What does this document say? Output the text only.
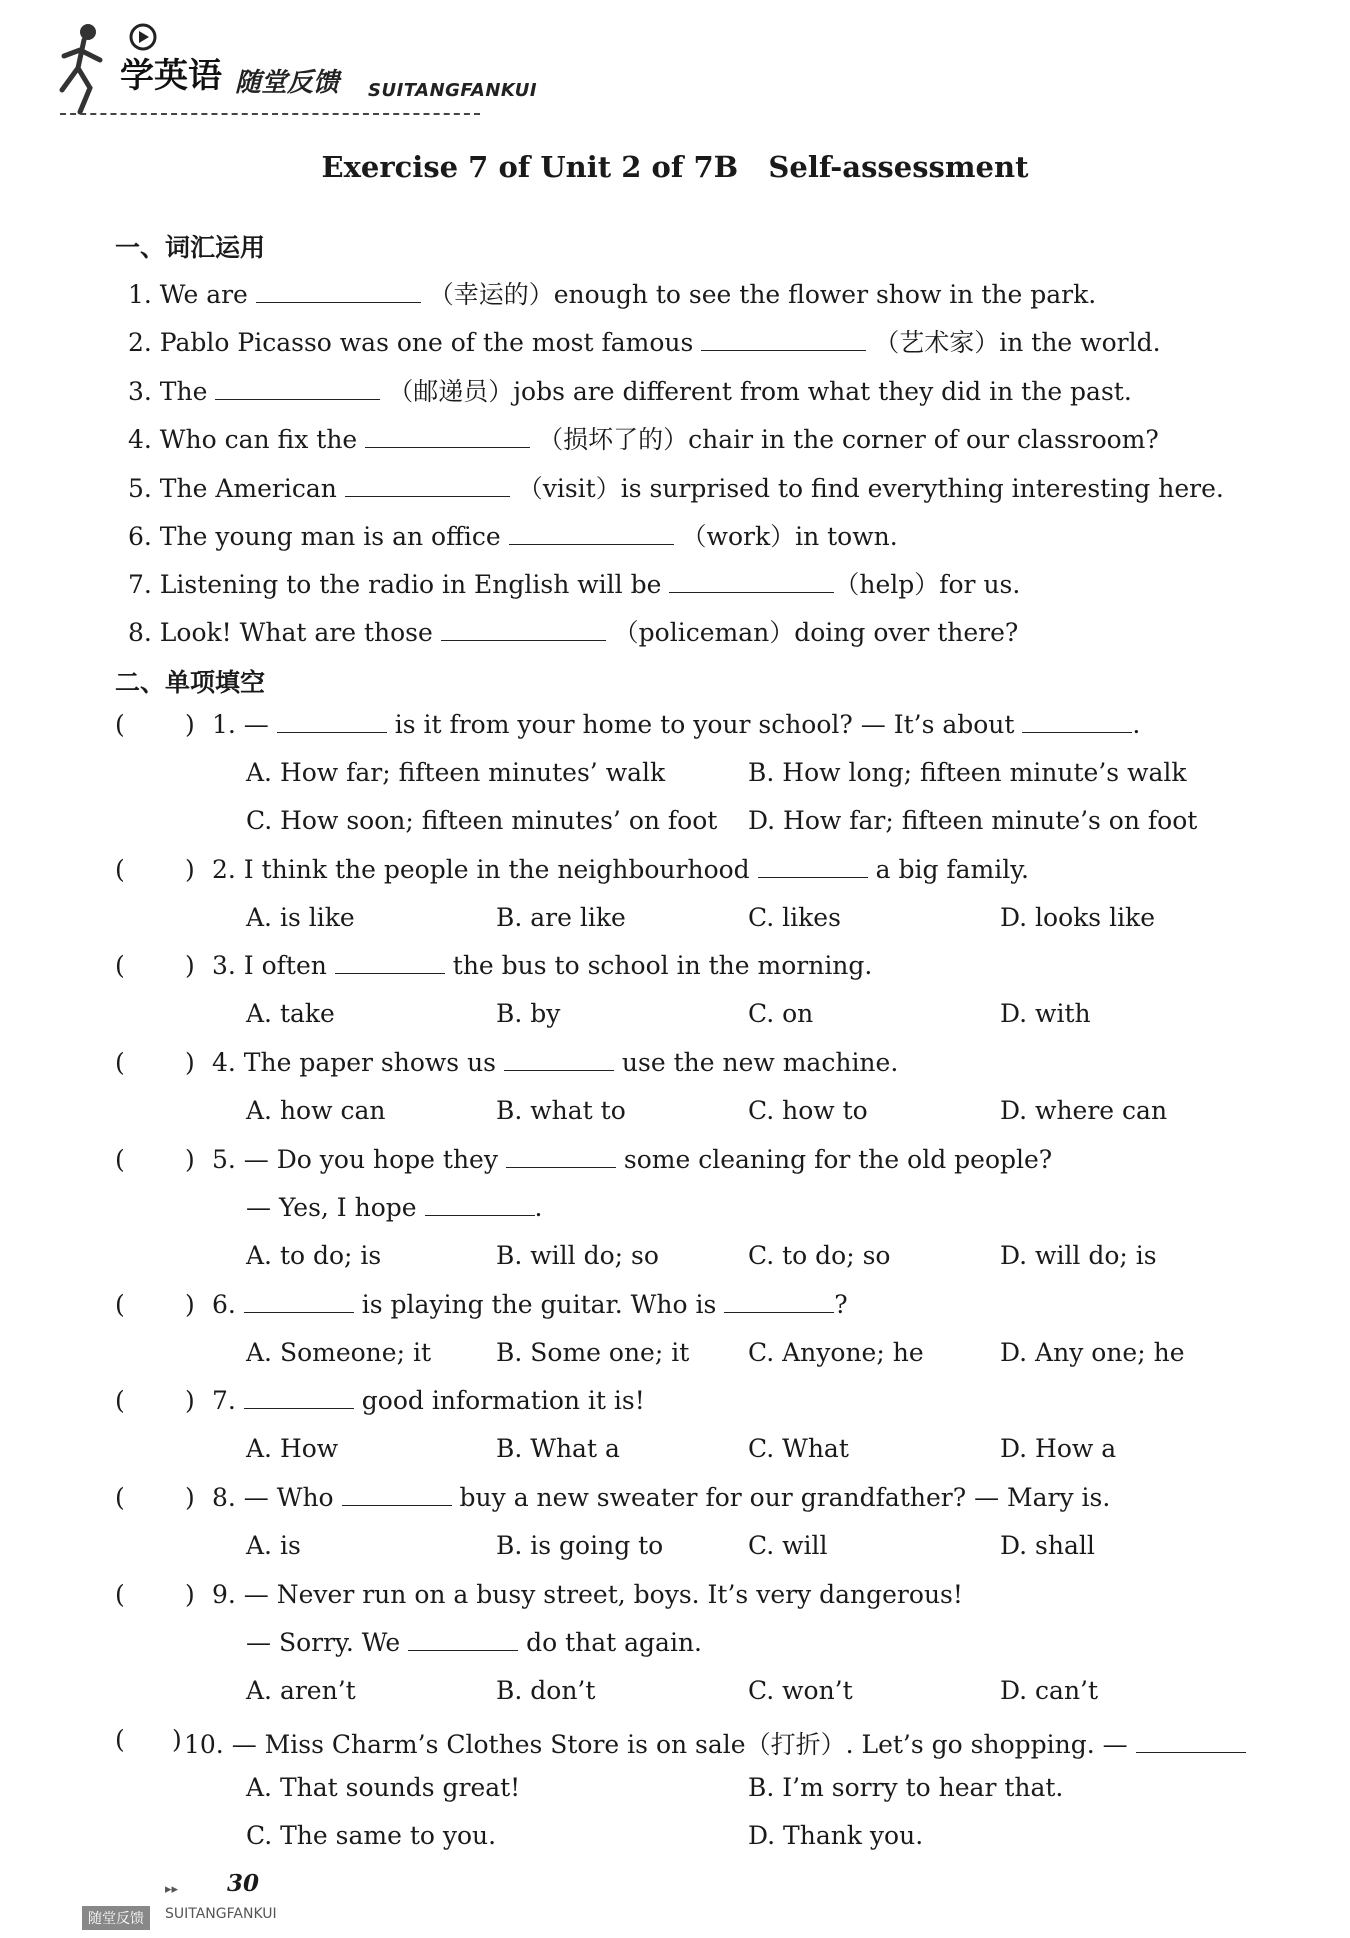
学英语 随堂反馈 SUITANGFANKUI
Exercise 7 of Unit 2 of 7B   Self-assessment
一、词汇运用
1. We are	（幸运的）enough to see the flower show in the park.
2. Pablo Picasso was one of the most famous	（艺术家）in the world.
3. The	（邮递员）jobs are different from what they did in the past.
4. Who can fix the	（损坏了的）chair in the corner of our classroom?
5. The American	（visit）is surprised to find everything interesting here.
6. The young man is an office	（work）in town.
7. Listening to the radio in English will be	（help）for us.
8. Look! What are those	（policeman）doing over there?
二、单项填空
( ) 1. —	is it from your home to your school? — It’s about	.
A. How far; fifteen minutes’ walk	B. How long; fifteen minute’s walk
C. How soon; fifteen minutes’ on foot D. How far; fifteen minute’s on foot
( ) 2. I think the people in the neighbourhood	a big family.
A. is like	B. are like	C. likes	D. looks like
( ) 3. I often	the bus to school in the morning.
A. take	B. by	C. on	D. with
( ) 4. The paper shows us	use the new machine.
A. how can	B. what to	C. how to	D. where can
( ) 5. — Do you hope they	some cleaning for the old people?
— Yes, I hope	.
A. to do; is	B. will do; so	C. to do; so	D. will do; is
( ) 6.	is playing the guitar. Who is	?
A. Someone; it	B. Some one; it C. Anyone; he	D. Any one; he
( ) 7.	good information it is!
A. How	B. What a	C. What	D. How a
( ) 8. — Who	buy a new sweater for our grandfather? — Mary is.
A. is	B. is going to	C. will	D. shall
( ) 9. — Never run on a busy street, boys. It’s very dangerous!
— Sorry. We	do that again.
A. aren’t	B. don’t	C. won’t	D. can’t
( ) 10. — Miss Charm’s Clothes Store is on sale（打折）. Let’s go shopping. —
A. That sounds great!	B. I’m sorry to hear that.
C. The same to you.	D. Thank you.
▸▸ 30
随堂反馈	SUITANGFANKUI
